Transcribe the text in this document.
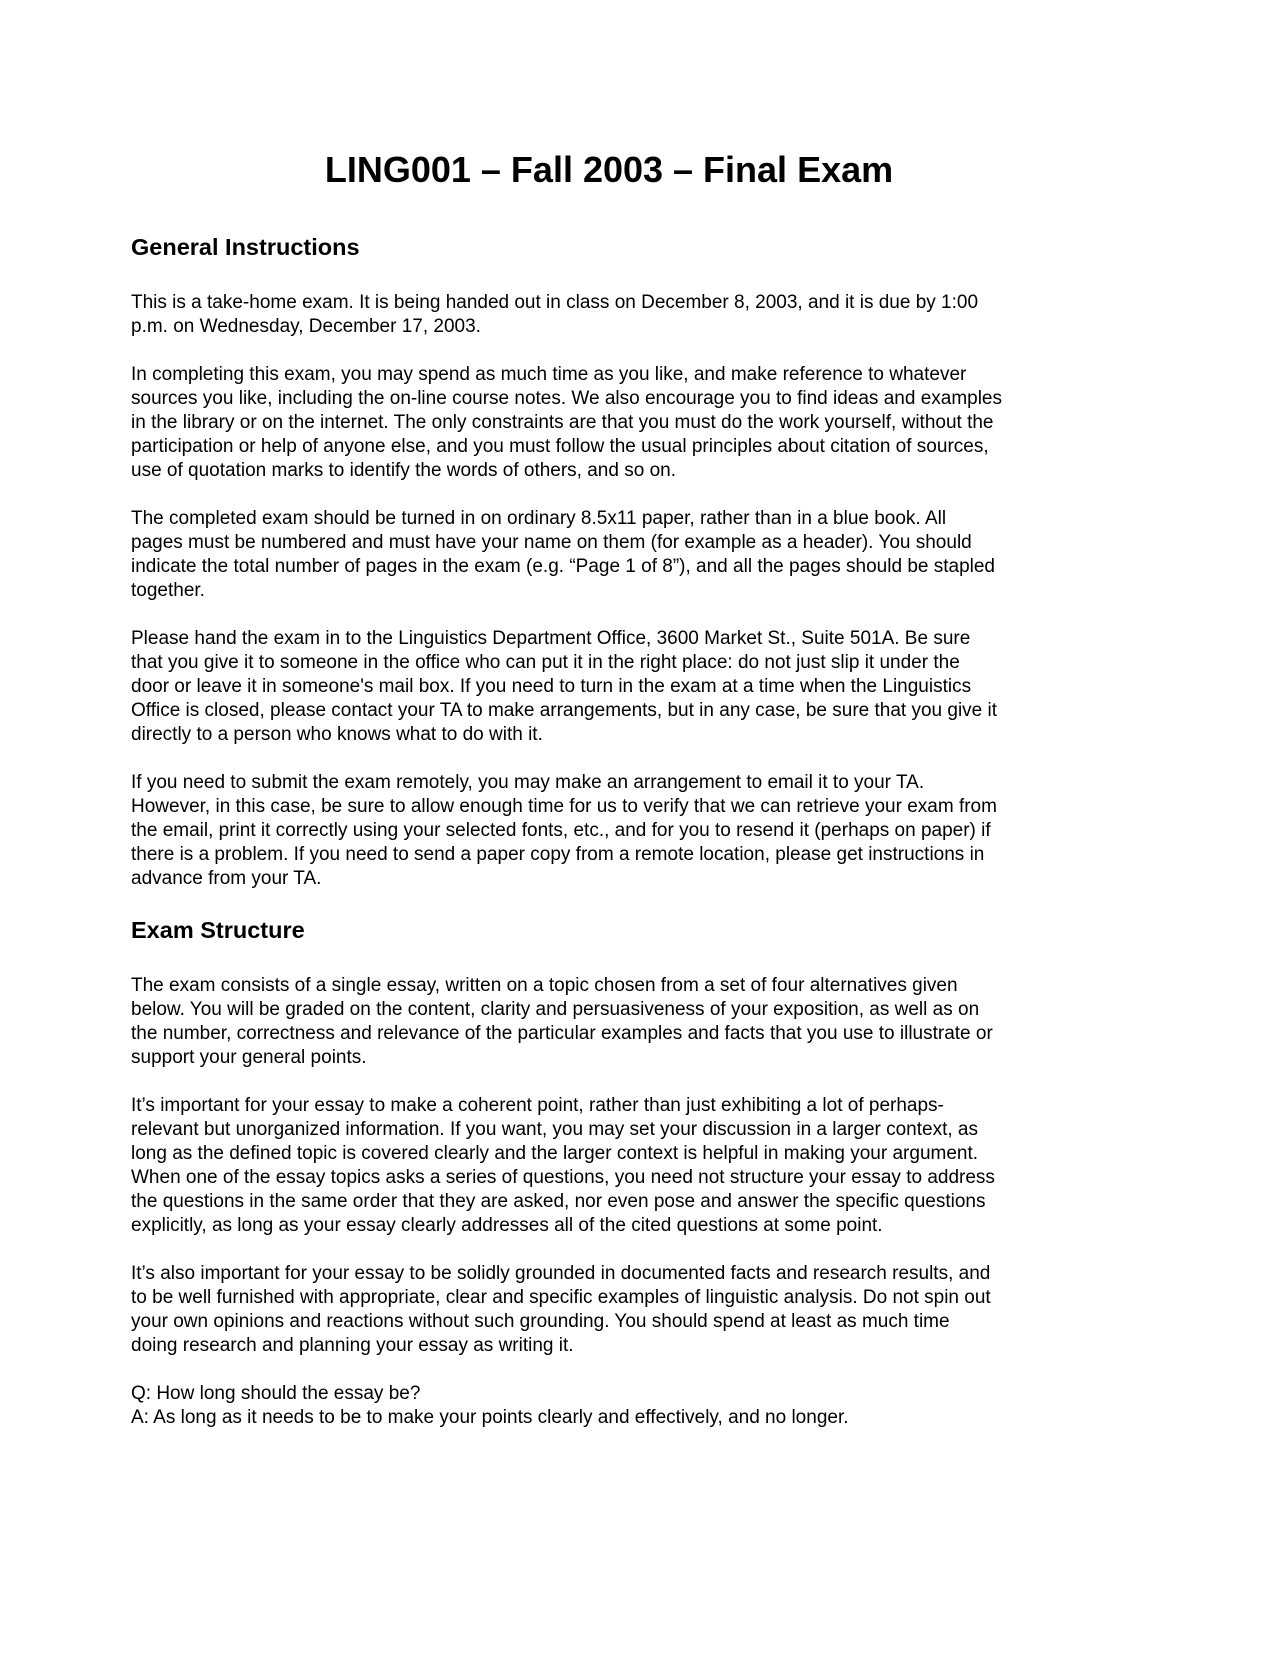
LING001 – Fall 2003 – Final Exam
General Instructions

This is a take-home exam. It is being handed out in class on December 8, 2003, and it is due by 1:00
p.m. on Wednesday, December 17, 2003.

In completing this exam, you may spend as much time as you like, and make reference to whatever
sources you like, including the on-line course notes. We also encourage you to find ideas and examples
in the library or on the internet. The only constraints are that you must do the work yourself, without the
participation or help of anyone else, and you must follow the usual principles about citation of sources,
use of quotation marks to identify the words of others, and so on.

The completed exam should be turned in on ordinary 8.5x11 paper, rather than in a blue book. All
pages must be numbered and must have your name on them (for example as a header). You should
indicate the total number of pages in the exam (e.g. “Page 1 of 8”), and all the pages should be stapled
together.

Please hand the exam in to the Linguistics Department Office, 3600 Market St., Suite 501A. Be sure
that you give it to someone in the office who can put it in the right place: do not just slip it under the
door or leave it in someone's mail box. If you need to turn in the exam at a time when the Linguistics
Office is closed, please contact your TA to make arrangements, but in any case, be sure that you give it
directly to a person who knows what to do with it.

If you need to submit the exam remotely, you may make an arrangement to email it to your TA.
However, in this case, be sure to allow enough time for us to verify that we can retrieve your exam from
the email, print it correctly using your selected fonts, etc., and for you to resend it (perhaps on paper) if
there is a problem. If you need to send a paper copy from a remote location, please get instructions in
advance from your TA.

Exam Structure

The exam consists of a single essay, written on a topic chosen from a set of four alternatives given
below. You will be graded on the content, clarity and persuasiveness of your exposition, as well as on
the number, correctness and relevance of the particular examples and facts that you use to illustrate or
support your general points.

It’s important for your essay to make a coherent point, rather than just exhibiting a lot of perhaps-
relevant but unorganized information. If you want, you may set your discussion in a larger context, as
long as the defined topic is covered clearly and the larger context is helpful in making your argument.
When one of the essay topics asks a series of questions, you need not structure your essay to address
the questions in the same order that they are asked, nor even pose and answer the specific questions
explicitly, as long as your essay clearly addresses all of the cited questions at some point.

It’s also important for your essay to be solidly grounded in documented facts and research results, and
to be well furnished with appropriate, clear and specific examples of linguistic analysis. Do not spin out
your own opinions and reactions without such grounding. You should spend at least as much time
doing research and planning your essay as writing it.

Q: How long should the essay be?
A: As long as it needs to be to make your points clearly and effectively, and no longer.
